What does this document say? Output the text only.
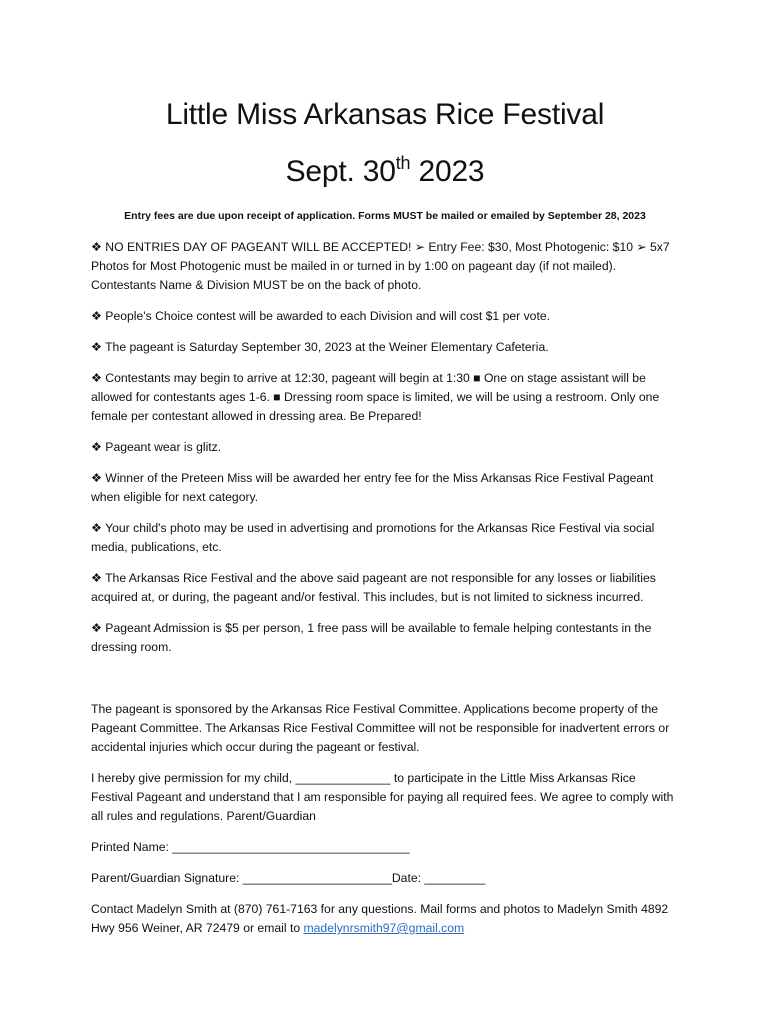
Little Miss Arkansas Rice Festival
Sept. 30th 2023

Entry fees are due upon receipt of application. Forms MUST be mailed or emailed by September 28, 2023

❖ NO ENTRIES DAY OF PAGEANT WILL BE ACCEPTED! ➢ Entry Fee: $30, Most Photogenic: $10 ➢ 5x7 Photos for Most Photogenic must be mailed in or turned in by 1:00 on pageant day (if not mailed). Contestants Name & Division MUST be on the back of photo.

❖ People's Choice contest will be awarded to each Division and will cost $1 per vote.

❖ The pageant is Saturday September 30, 2023 at the Weiner Elementary Cafeteria.

❖ Contestants may begin to arrive at 12:30, pageant will begin at 1:30 ■ One on stage assistant will be allowed for contestants ages 1-6. ■ Dressing room space is limited, we will be using a restroom. Only one female per contestant allowed in dressing area. Be Prepared!

❖ Pageant wear is glitz.

❖ Winner of the Preteen Miss will be awarded her entry fee for the Miss Arkansas Rice Festival Pageant when eligible for next category.

❖ Your child's photo may be used in advertising and promotions for the Arkansas Rice Festival via social media, publications, etc.

❖ The Arkansas Rice Festival and the above said pageant are not responsible for any losses or liabilities acquired at, or during, the pageant and/or festival. This includes, but is not limited to sickness incurred.

❖ Pageant Admission is $5 per person, 1 free pass will be available to female helping contestants in the dressing room.

The pageant is sponsored by the Arkansas Rice Festival Committee. Applications become property of the Pageant Committee. The Arkansas Rice Festival Committee will not be responsible for inadvertent errors or accidental injuries which occur during the pageant or festival.

I hereby give permission for my child, ______________ to participate in the Little Miss Arkansas Rice Festival Pageant and understand that I am responsible for paying all required fees. We agree to comply with all rules and regulations. Parent/Guardian

Printed Name: ___________________________________

Parent/Guardian Signature: ______________________Date: _________

Contact Madelyn Smith at (870) 761-7163 for any questions. Mail forms and photos to Madelyn Smith 4892 Hwy 956 Weiner, AR 72479 or email to madelynrsmith97@gmail.com
